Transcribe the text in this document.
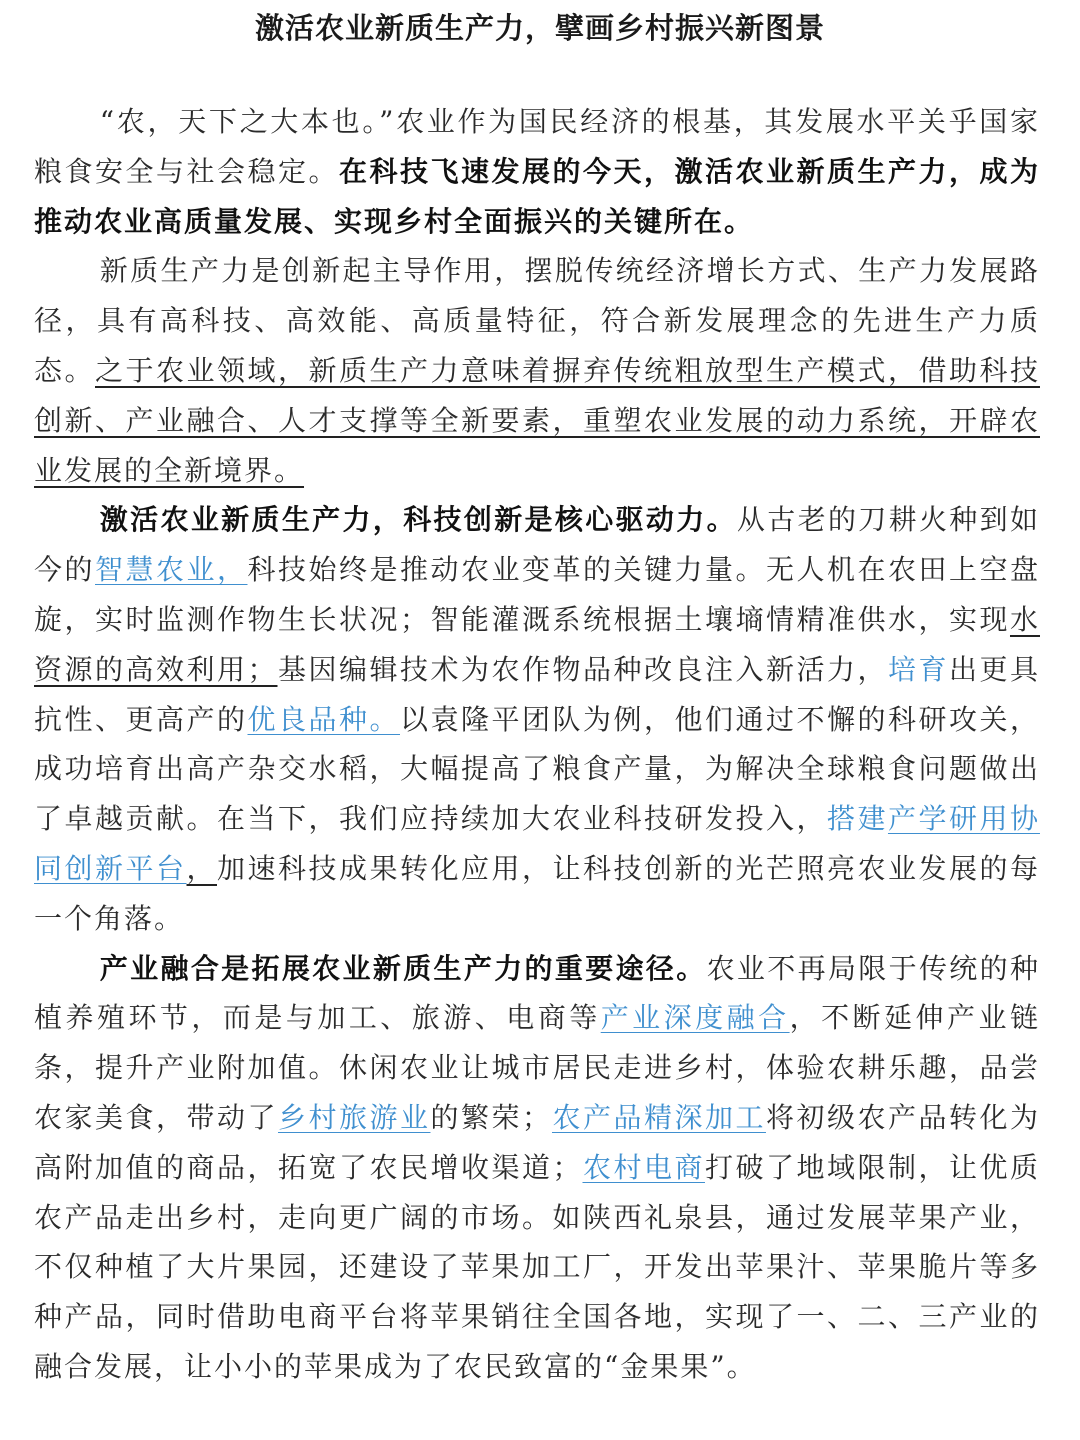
激活农业新质生产力，擘画乡村振兴新图景

“农，天下之大本也。”农业作为国民经济的根基，其发展水平关乎国家粮食安全与社会稳定。在科技飞速发展的今天，激活农业新质生产力，成为推动农业高质量发展、实现乡村全面振兴的关键所在。

新质生产力是创新起主导作用，摆脱传统经济增长方式、生产力发展路径，具有高科技、高效能、高质量特征，符合新发展理念的先进生产力质态。之于农业领域，新质生产力意味着摒弃传统粗放型生产模式，借助科技创新、产业融合、人才支撑等全新要素，重塑农业发展的动力系统，开辟农业发展的全新境界。

激活农业新质生产力，科技创新是核心驱动力。从古老的刀耕火种到如今的智慧农业，科技始终是推动农业变革的关键力量。无人机在农田上空盘旋，实时监测作物生长状况；智能灌溉系统根据土壤墒情精准供水，实现水资源的高效利用；基因编辑技术为农作物品种改良注入新活力，培育出更具抗性、更高产的优良品种。以袁隆平团队为例，他们通过不懈的科研攻关，成功培育出高产杂交水稻，大幅提高了粮食产量，为解决全球粮食问题做出了卓越贡献。在当下，我们应持续加大农业科技研发投入，搭建产学研用协同创新平台，加速科技成果转化应用，让科技创新的光芒照亮农业发展的每一个角落。

产业融合是拓展农业新质生产力的重要途径。农业不再局限于传统的种植养殖环节，而是与加工、旅游、电商等产业深度融合，不断延伸产业链条，提升产业附加值。休闲农业让城市居民走进乡村，体验农耕乐趣，品尝农家美食，带动了乡村旅游业的繁荣；农产品精深加工将初级农产品转化为高附加值的商品，拓宽了农民增收渠道；农村电商打破了地域限制，让优质农产品走出乡村，走向更广阔的市场。如陕西礼泉县，通过发展苹果产业，不仅种植了大片果园，还建设了苹果加工厂，开发出苹果汁、苹果脆片等多种产品，同时借助电商平台将苹果销往全国各地，实现了一、二、三产业的融合发展，让小小的苹果成为了农民致富的“金果果”。
